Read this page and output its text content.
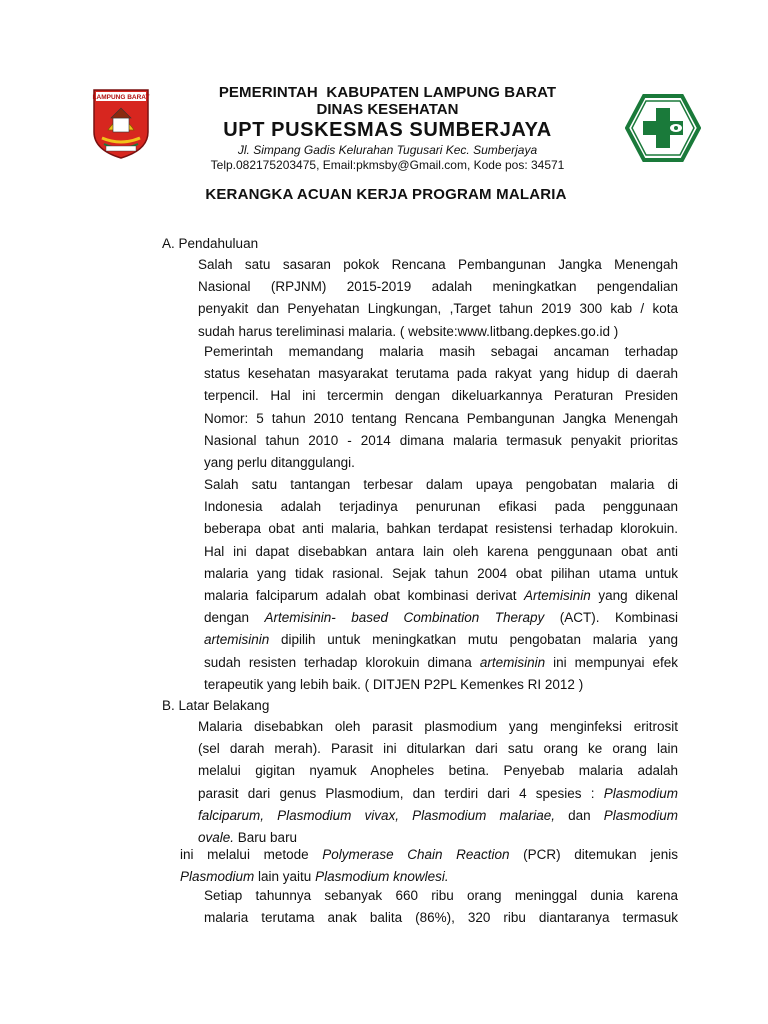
LAMPUNG BARAT	PEMERINTAH  KABUPATEN LAMPUNG BARAT
DINAS KESEHATAN
UPT PUSKESMAS SUMBERJAYA
Jl. Simpang Gadis Kelurahan Tugusari Kec. Sumberjaya
Telp.082175203475, Email:pkmsby@Gmail.com, Kode pos: 34571
KERANGKA ACUAN KERJA PROGRAM MALARIA
A. Pendahuluan
Salah satu sasaran pokok Rencana Pembangunan Jangka Menengah
Nasional (RPJNM) 2015-2019 adalah meningkatkan pengendalian
penyakit dan Penyehatan Lingkungan, ,Target tahun 2019 300 kab / kota
sudah harus tereliminasi malaria. ( website:www.litbang.depkes.go.id )
Pemerintah memandang malaria masih sebagai ancaman terhadap
status kesehatan masyarakat terutama pada rakyat yang hidup di daerah
terpencil. Hal ini tercermin dengan dikeluarkannya Peraturan Presiden
Nomor: 5 tahun 2010 tentang Rencana Pembangunan Jangka Menengah
Nasional tahun 2010 - 2014 dimana malaria termasuk penyakit prioritas
yang perlu ditanggulangi.
Salah satu tantangan terbesar dalam upaya pengobatan malaria di
Indonesia adalah terjadinya penurunan efikasi pada penggunaan
beberapa obat anti malaria, bahkan terdapat resistensi terhadap klorokuin.
Hal ini dapat disebabkan antara lain oleh karena penggunaan obat anti
malaria yang tidak rasional. Sejak tahun 2004 obat pilihan utama untuk
malaria falciparum adalah obat kombinasi derivat Artemisinin yang dikenal
dengan Artemisinin- based Combination Therapy (ACT). Kombinasi
artemisinin dipilih untuk meningkatkan mutu pengobatan malaria yang
sudah resisten terhadap klorokuin dimana artemisinin ini mempunyai efek
terapeutik yang lebih baik. ( DITJEN P2PL Kemenkes RI 2012 )
B. Latar Belakang
Malaria disebabkan oleh parasit plasmodium yang menginfeksi eritrosit
(sel darah merah). Parasit ini ditularkan dari satu orang ke orang lain
melalui gigitan nyamuk Anopheles betina. Penyebab malaria adalah
parasit dari genus Plasmodium, dan terdiri dari 4 spesies : Plasmodium
falciparum, Plasmodium vivax, Plasmodium malariae, dan Plasmodium
ovale. Baru baru
ini melalui metode Polymerase Chain Reaction (PCR) ditemukan jenis
Plasmodium lain yaitu Plasmodium knowlesi.
Setiap tahunnya sebanyak 660 ribu orang meninggal dunia karena
malaria terutama anak balita (86%), 320 ribu diantaranya termasuk
